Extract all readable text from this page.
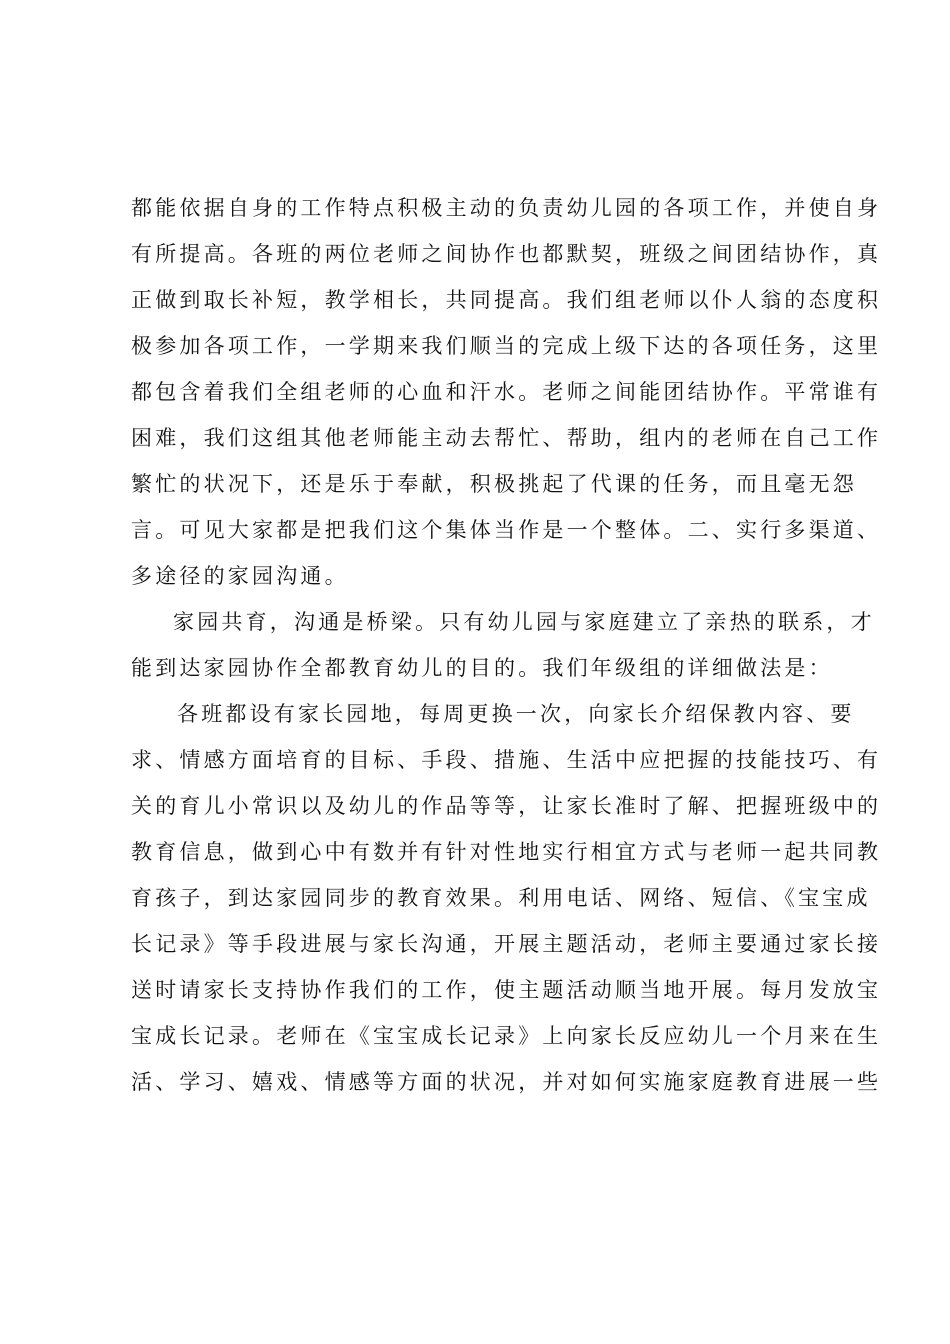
都能依据自身的工作特点积极主动的负责幼儿园的各项工作，并使自身
有所提高。各班的两位老师之间协作也都默契，班级之间团结协作，真
正做到取长补短，教学相长，共同提高。我们组老师以仆人翁的态度积
极参加各项工作，一学期来我们顺当的完成上级下达的各项任务，这里
都包含着我们全组老师的心血和汗水。老师之间能团结协作。平常谁有
困难，我们这组其他老师能主动去帮忙、帮助，组内的老师在自己工作
繁忙的状况下，还是乐于奉献，积极挑起了代课的任务，而且毫无怨
言。可见大家都是把我们这个集体当作是一个整体。二、实行多渠道、
多途径的家园沟通。
家园共育，沟通是桥梁。只有幼儿园与家庭建立了亲热的联系，才
能到达家园协作全都教育幼儿的目的。我们年级组的详细做法是：
各班都设有家长园地，每周更换一次，向家长介绍保教内容、要
求、情感方面培育的目标、手段、措施、生活中应把握的技能技巧、有
关的育儿小常识以及幼儿的作品等等，让家长准时了解、把握班级中的
教育信息，做到心中有数并有针对性地实行相宜方式与老师一起共同教
育孩子，到达家园同步的教育效果。利用电话、网络、短信、《宝宝成
长记录》等手段进展与家长沟通，开展主题活动，老师主要通过家长接
送时请家长支持协作我们的工作，使主题活动顺当地开展。每月发放宝
宝成长记录。老师在《宝宝成长记录》上向家长反应幼儿一个月来在生
活、学习、嬉戏、情感等方面的状况，并对如何实施家庭教育进展一些
